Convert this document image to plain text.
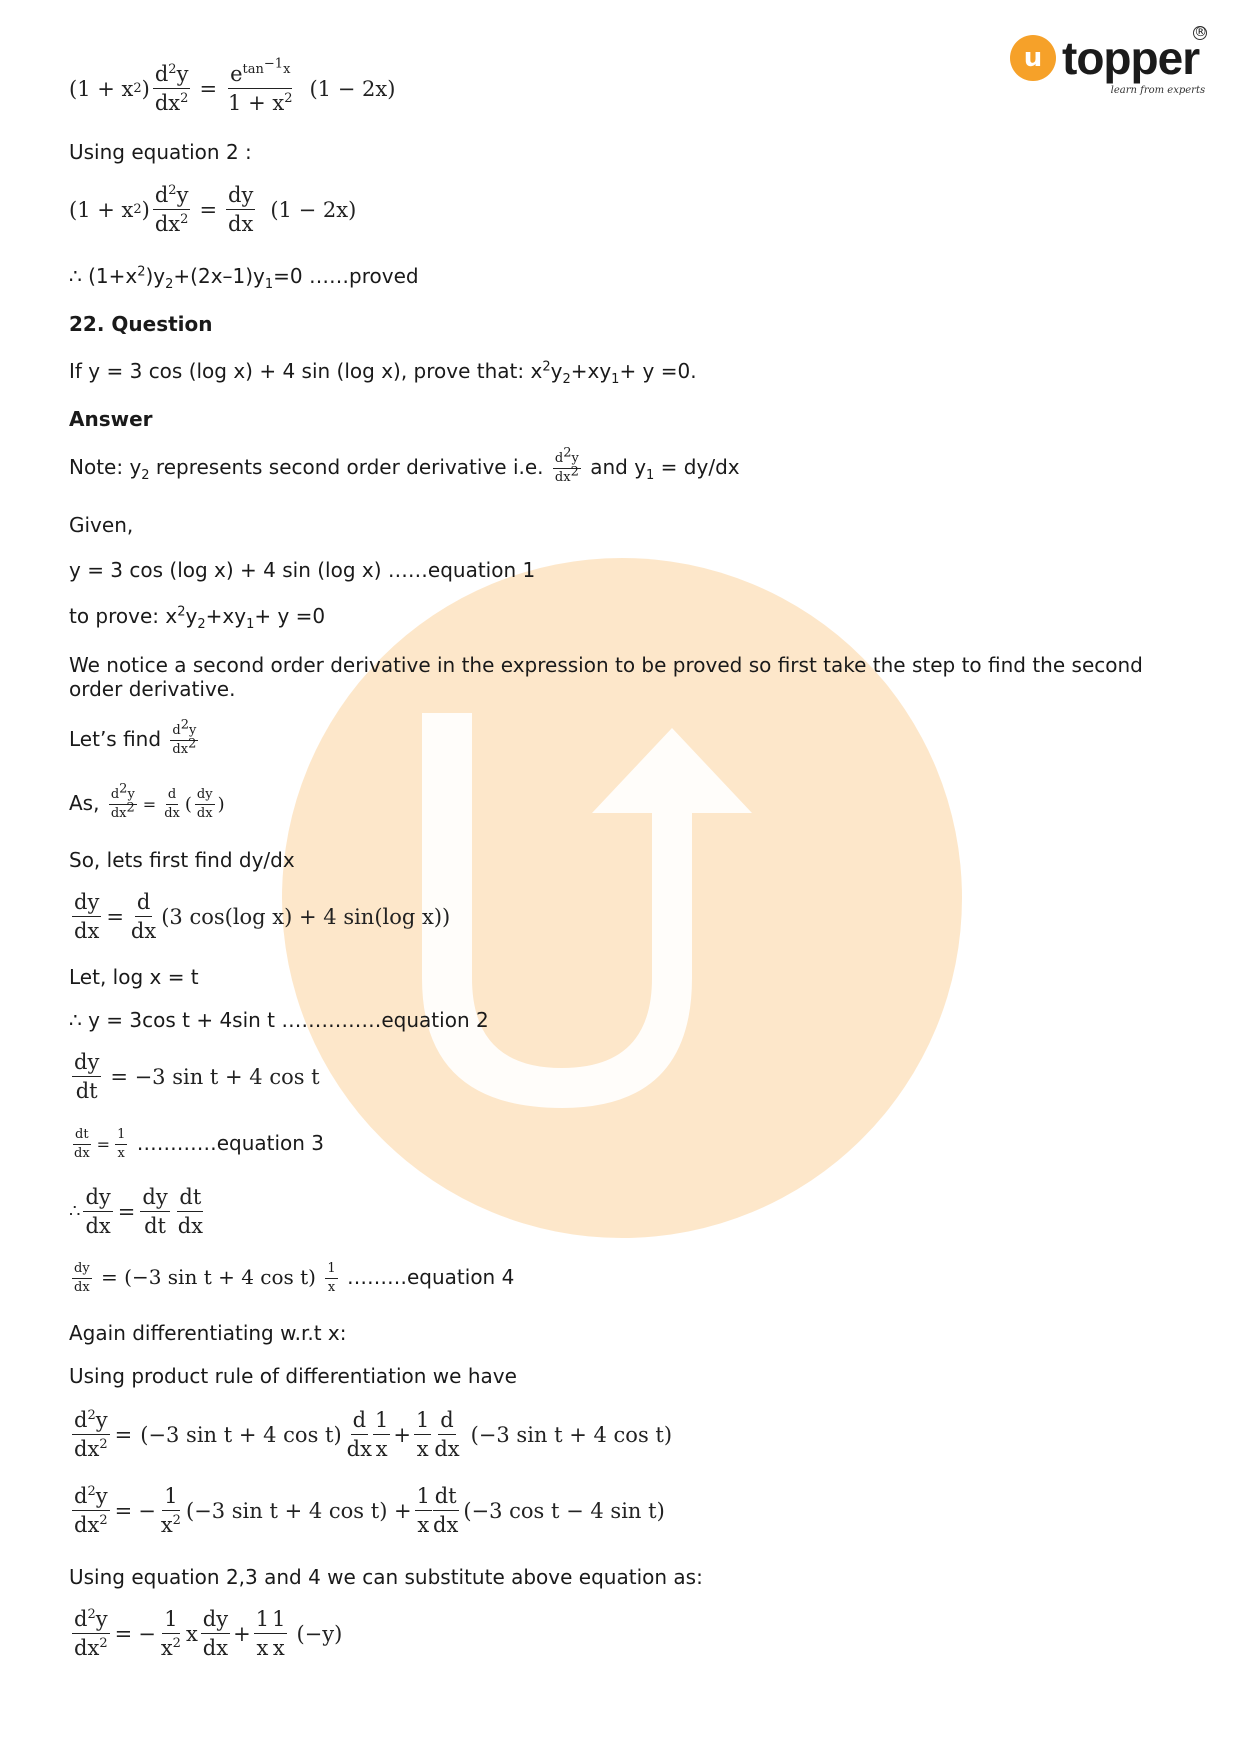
u topper
®
learn from experts
(1 + x 2 ) $\frac{d^2y}{dx^2} = \frac{e^{tan^{-1}x}}{1 + x^2} (1 - 2x)$
Using equation 2 :
(1 + x 2 ) $\frac{d^2y}{dx^2} = \frac{dy}{dx} (1 - 2x)$
∴ $(1+x^2)y_2+(2x-1)y_1=0$ ……proved
22. Question
If y = 3 cos (log x) + 4 sin (log x), prove that: $x^2y_2+xy_1+ y =0$.
Answer
Note: $y_2$ represents second order derivative i.e. $\frac{d^2y}{dx^2}$ and $y_1 = dy/dx$
Given,
y = 3 cos (log x) + 4 sin (log x) ……equation 1
to prove: $x^2y_2+xy_1+ y =0$
We notice a second order derivative in the expression to be proved so first take the step to find the second order derivative.
Let’s find $\frac{d^2y}{dx^2}$
As, $\frac{d^2y}{dx^2} = \frac{d}{dx}$ ( $\frac{dy}{dx}$ )
So, lets first find dy/dx
$\frac{dy}{dx} = \frac{d}{dx} (3$ cos(log x) + 4 sin(log x))
Let, log x = t
∴ y = 3cos t + 4sin t ……………equation 2
$\frac{dy}{dt} = -3$ sin t + 4 cos t
$\frac{dt}{dx} = \frac{1}{x}$ …………equation 3
∴ $\frac{dy}{dx} = \frac{dy}{dt} \frac{dt}{dx}$
$\frac{dy}{dx} = (-3$ sin t + 4 $\cos t) \frac{1}{x}$ ………equation 4
Again differentiating w.r.t x:
Using product rule of differentiation we have
$\frac{d^2y}{dx^2} = (-3$ sin t + 4 $\cos t) \frac{d}{dx} \frac{1}{x} + \frac{1}{x} \frac{d}{dx} (-3$ sin t + 4 cos t)
$\frac{d^2y}{dx^2}$ = − $\frac{1}{x^2} (-3$ sin t + 4 $\cos t) + \frac{1}{x} \frac{dt}{dx} (-3$ cos t − 4 sin t)
Using equation 2,3 and 4 we can substitute above equation as:
$\frac{d^2y}{dx^2}$ = − $\frac{1}{x^2}$ x $\frac{dy}{dx} + \frac{1}{x} \frac{1}{x} (-y)$
